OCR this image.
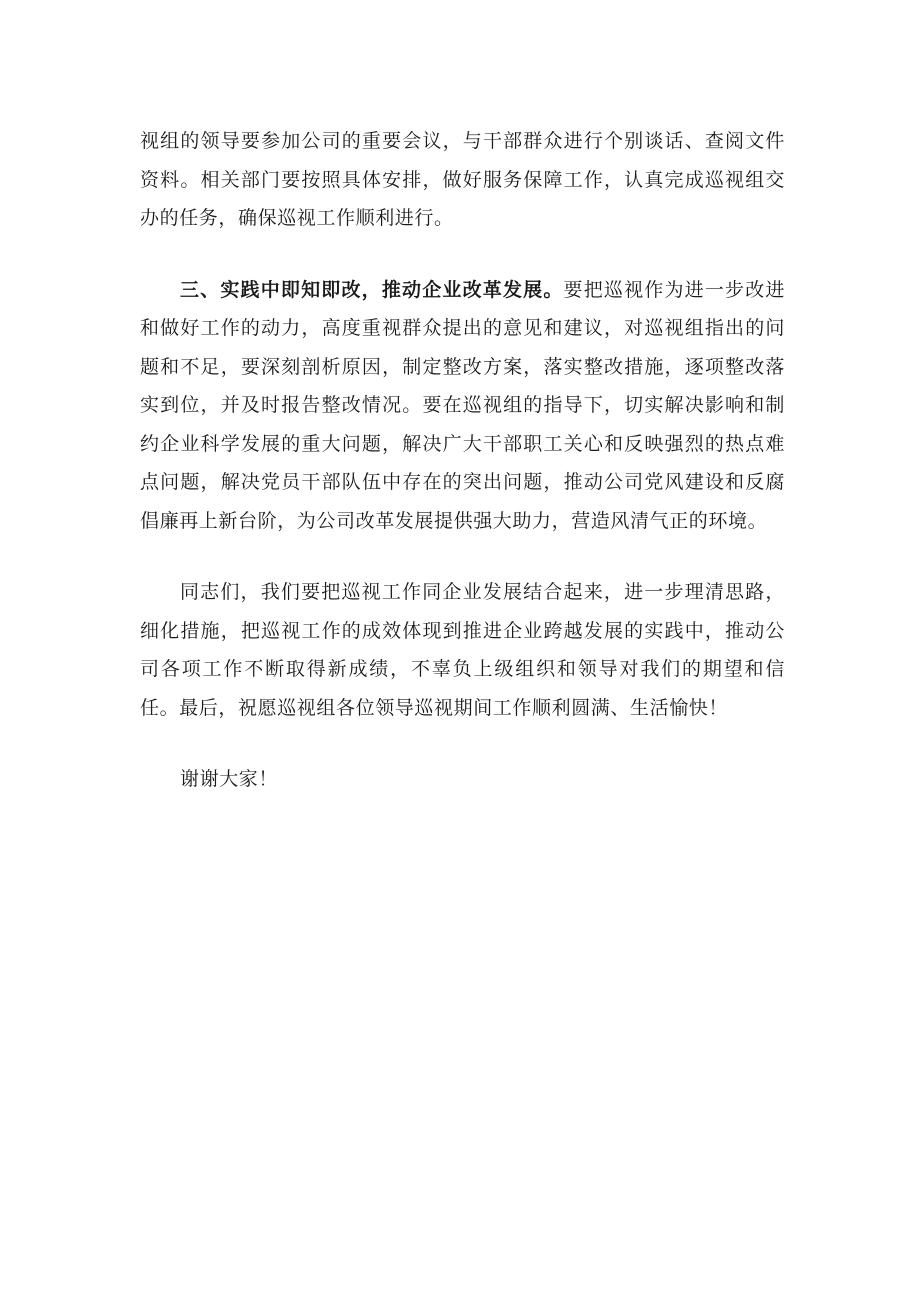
视组的领导要参加公司的重要会议，与干部群众进行个别谈话、查阅文件资料。相关部门要按照具体安排，做好服务保障工作，认真完成巡视组交办的任务，确保巡视工作顺利进行。

三、实践中即知即改，推动企业改革发展。要把巡视作为进一步改进和做好工作的动力，高度重视群众提出的意见和建议，对巡视组指出的问题和不足，要深刻剖析原因，制定整改方案，落实整改措施，逐项整改落实到位，并及时报告整改情况。要在巡视组的指导下，切实解决影响和制约企业科学发展的重大问题，解决广大干部职工关心和反映强烈的热点难点问题，解决党员干部队伍中存在的突出问题，推动公司党风建设和反腐倡廉再上新台阶，为公司改革发展提供强大助力，营造风清气正的环境。

同志们，我们要把巡视工作同企业发展结合起来，进一步理清思路，细化措施，把巡视工作的成效体现到推进企业跨越发展的实践中，推动公司各项工作不断取得新成绩，不辜负上级组织和领导对我们的期望和信任。最后，祝愿巡视组各位领导巡视期间工作顺利圆满、生活愉快！

谢谢大家！
